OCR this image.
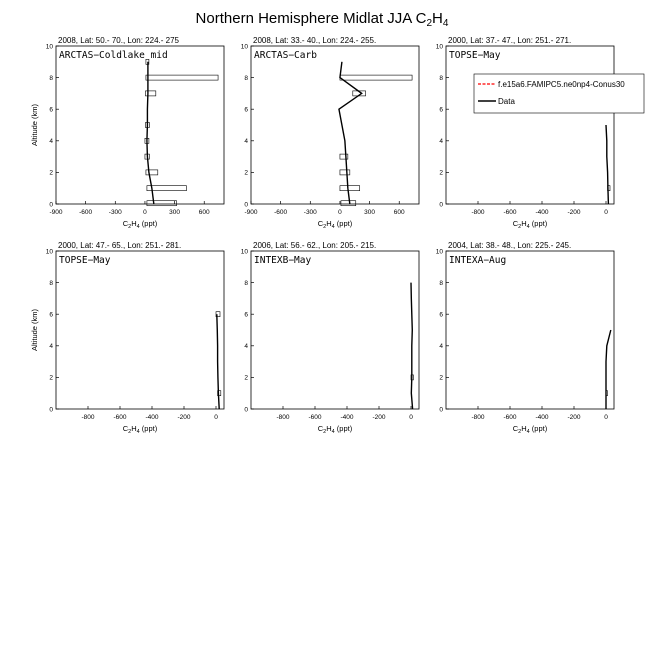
Northern Hemisphere Midlat JJA $C_2H_4$
2008, Lat: 50.- 70., Lon: 224.- 275
ARCTAS−Coldlake mid
-900	-600	-300	0	300	600
0
2
4
6
8
10
$C_2H_4$ (ppt)
Altitude (km)
2008, Lat: 33.- 40., Lon: 224.- 255.
ARCTAS−Carb
-900	-600	-300	0	300	600
0
2
4
6
8
10
$C_2H_4$ (ppt)
2000, Lat: 37.- 47., Lon: 251.- 271.
TOPSE−May
-800	-600	-400	-200	0
0
2
4
6
8
10
$C_2H_4$ (ppt)
2000, Lat: 47.- 65., Lon: 251.- 281.
TOPSE−May
-800	-600	-400	-200	0
0
2
4
6
8
10
$C_2H_4$ (ppt)
Altitude (km)
2006, Lat: 56.- 62., Lon: 205.- 215.
INTEXB−May
-800	-600	-400	-200	0
0
2
4
6
8
10
$C_2H_4$ (ppt)
2004, Lat: 38.- 48., Lon: 225.- 245.
INTEXA−Aug
-800	-600	-400	-200	0
0
2
4
6
8
10
$C_2H_4$ (ppt)
f.e15a6.FAMIPC5.ne0np4-Conus30
Data
